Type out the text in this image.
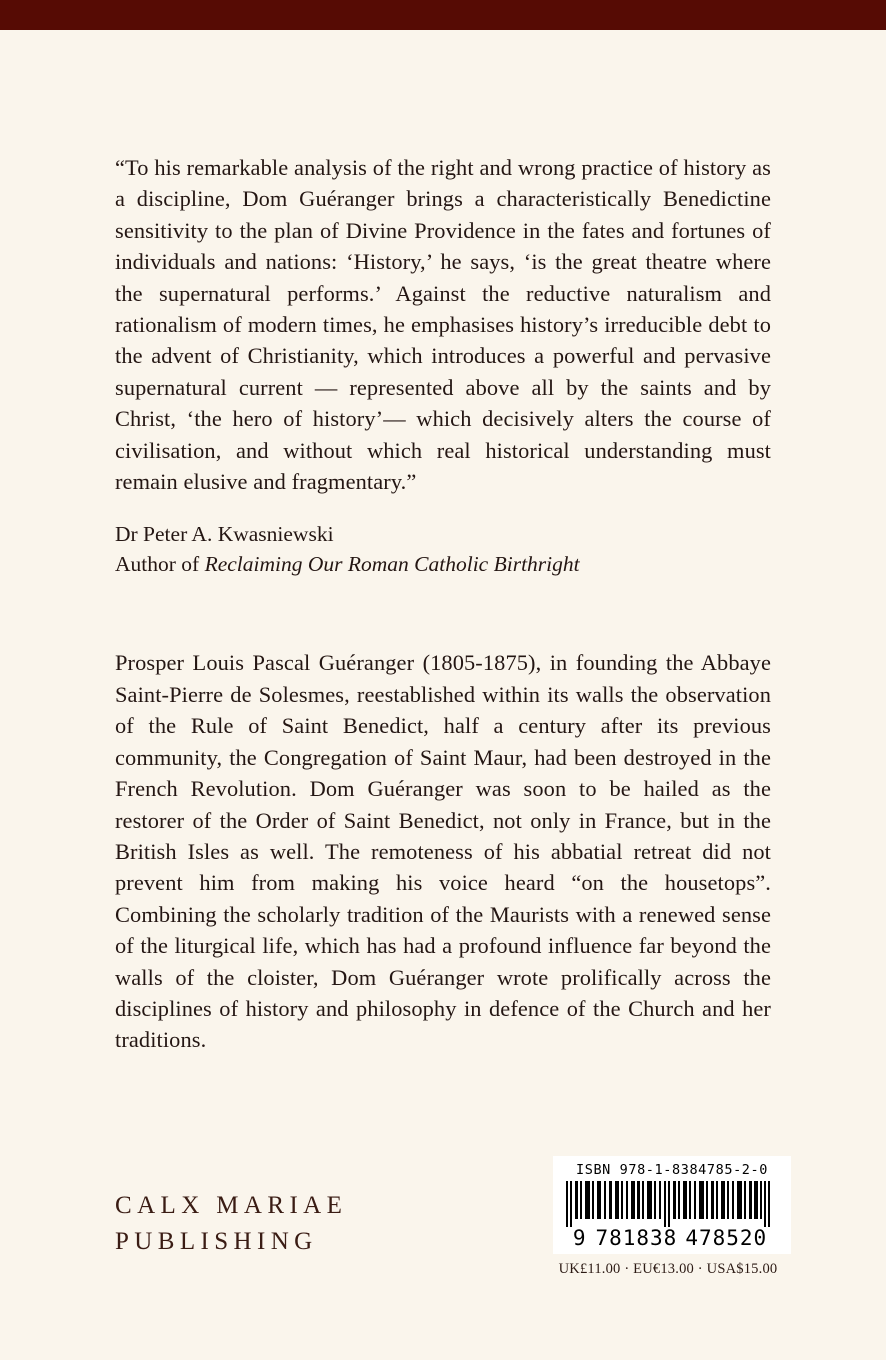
“To his remarkable analysis of the right and wrong practice of history as a discipline, Dom Guéranger brings a characteristically Benedictine sensitivity to the plan of Divine Providence in the fates and fortunes of individuals and nations: ‘History,’ he says, ‘is the great theatre where the supernatural performs.’ Against the reductive naturalism and rationalism of modern times, he emphasises history’s irreducible debt to the advent of Christianity, which introduces a powerful and pervasive supernatural current — represented above all by the saints and by Christ, ‘the hero of history’— which decisively alters the course of civilisation, and without which real historical understanding must remain elusive and fragmentary.”

Dr Peter A. Kwasniewski
Author of Reclaiming Our Roman Catholic Birthright

Prosper Louis Pascal Guéranger (1805-1875), in founding the Abbaye Saint-Pierre de Solesmes, reestablished within its walls the observation of the Rule of Saint Benedict, half a century after its previous community, the Congregation of Saint Maur, had been destroyed in the French Revolution. Dom Guéranger was soon to be hailed as the restorer of the Order of Saint Benedict, not only in France, but in the British Isles as well. The remoteness of his abbatial retreat did not prevent him from making his voice heard “on the housetops”. Combining the scholarly tradition of the Maurists with a renewed sense of the liturgical life, which has had a profound influence far beyond the walls of the cloister, Dom Guéranger wrote prolifically across the disciplines of history and philosophy in defence of the Church and her traditions.

CALX MARIAE
PUBLISHING
ISBN 978-1-8384785-2-0
9 781838 478520
UK£11.00 · EU€13.00 · USA$15.00
